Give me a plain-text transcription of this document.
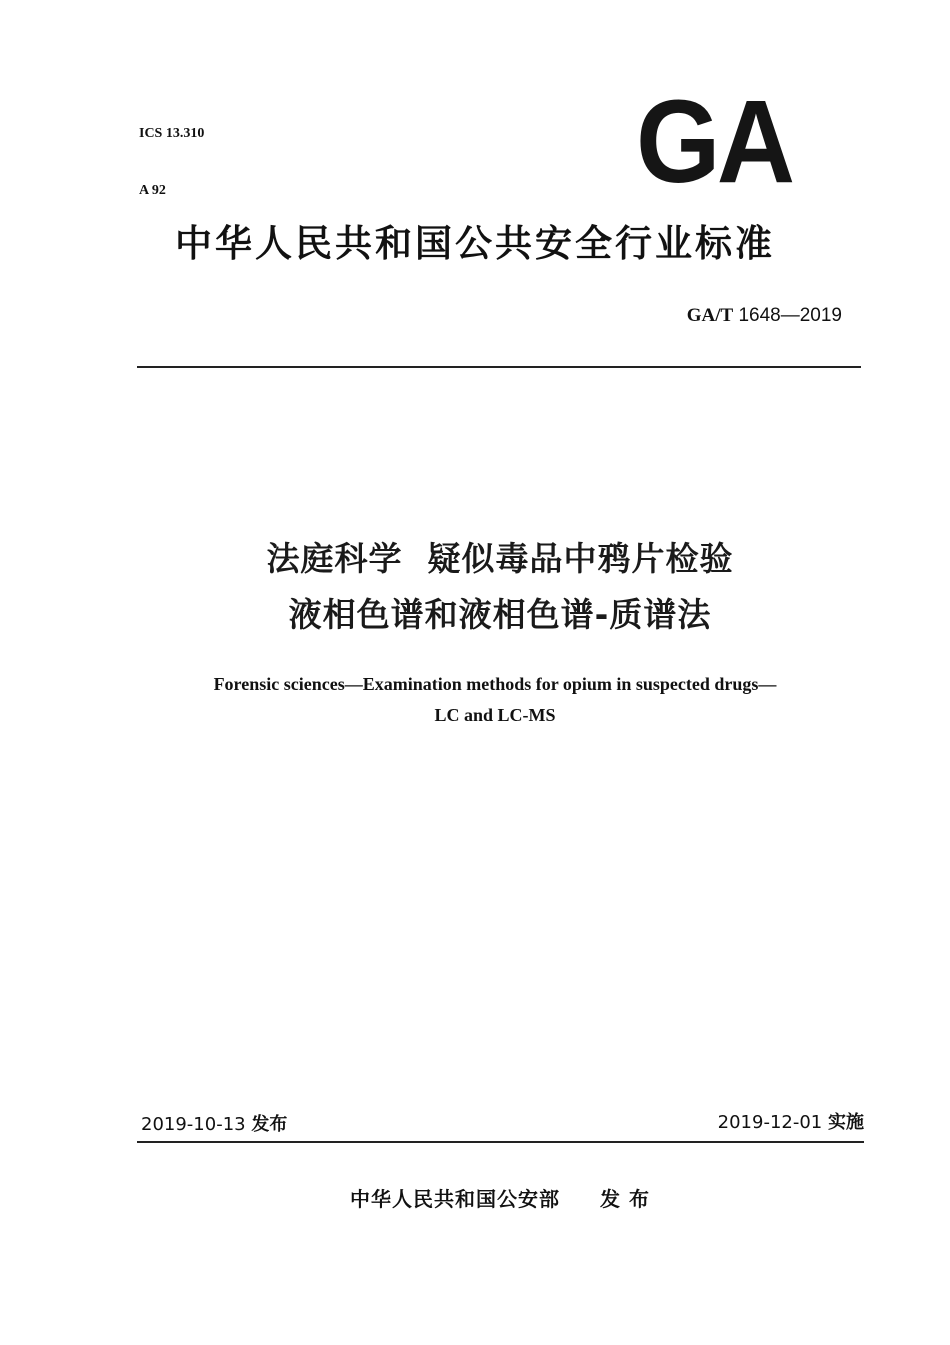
ICS 13.310

A 92	GA
中华人民共和国公共安全行业标准
GA/T 1648—2019
法庭科学  疑似毒品中鸦片检验
液相色谱和液相色谱-质谱法
Forensic sciences—Examination methods for opium in suspected drugs—
LC and LC-MS
2019-10-13 发布	2019-12-01 实施
中华人民共和国公安部 发 布
